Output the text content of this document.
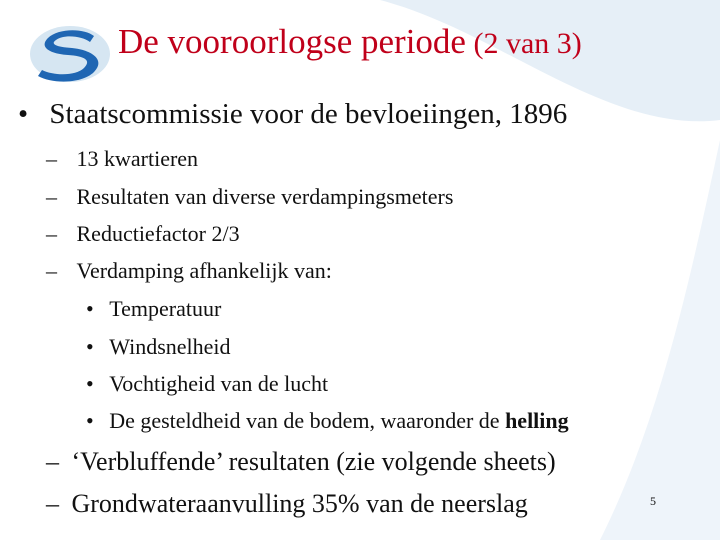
De vooroorlogse periode (2 van 3)
• Staatscommissie voor de bevloeiingen, 1896
– 13 kwartieren
– Resultaten van diverse verdampingsmeters
– Reductiefactor 2/3
– Verdamping afhankelijk van:
• Temperatuur
• Windsnelheid
• Vochtigheid van de lucht
• De gesteldheid van de bodem, waaronder de helling
– ‘Verbluffende’ resultaten (zie volgende sheets)
– Grondwateraanvulling 35% van de neerslag	5
